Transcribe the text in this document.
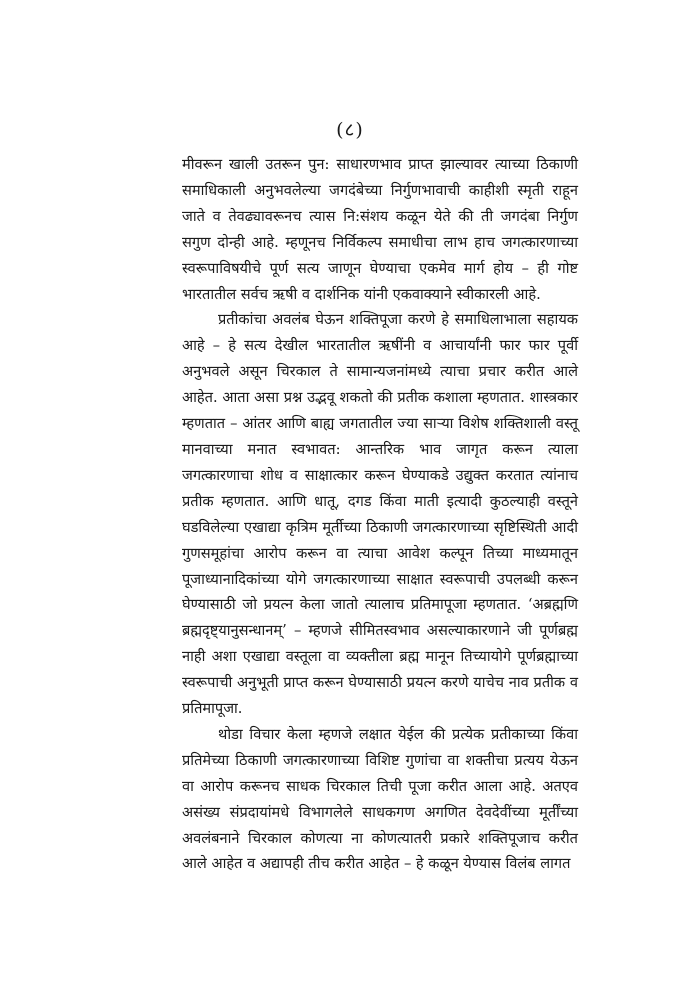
(८)

मीवरून खाली उतरून पुन: साधारणभाव प्राप्त झाल्यावर त्याच्या ठिकाणी समाधिकाली अनुभवलेल्या जगदंबेच्या निर्गुणभावाची काहीशी स्मृती राहून जाते व तेवढ्यावरूनच त्यास नि:संशय कळून येते की ती जगदंबा निर्गुण सगुण दोन्ही आहे. म्हणूनच निर्विकल्प समाधीचा लाभ हाच जगत्कारणाच्या स्वरूपाविषयीचे पूर्ण सत्य जाणून घेण्याचा एकमेव मार्ग होय – ही गोष्ट भारतातील सर्वच ऋषी व दार्शनिक यांनी एकवाक्याने स्वीकारली आहे.

प्रतीकांचा अवलंब घेऊन शक्तिपूजा करणे हे समाधिलाभाला सहायक आहे – हे सत्य देखील भारतातील ऋषींनी व आचार्यांनी फार फार पूर्वी अनुभवले असून चिरकाल ते सामान्यजनांमध्ये त्याचा प्रचार करीत आले आहेत. आता असा प्रश्न उद्भवू शकतो की प्रतीक कशाला म्हणतात. शास्त्रकार म्हणतात – आंतर आणि बाह्य जगतातील ज्या साऱ्या विशेष शक्तिशाली वस्तू मानवाच्या मनात स्वभावत: आन्तरिक भाव जागृत करून त्याला जगत्कारणाचा शोध व साक्षात्कार करून घेण्याकडे उद्युक्त करतात त्यांनाच प्रतीक म्हणतात. आणि धातू, दगड किंवा माती इत्यादी कुठल्याही वस्तूने घडविलेल्या एखाद्या कृत्रिम मूर्तीच्या ठिकाणी जगत्कारणाच्या सृष्टिस्थिती आदी गुणसमूहांचा आरोप करून वा त्याचा आवेश कल्पून तिच्या माध्यमातून पूजाध्यानादिकांच्या योगे जगत्कारणाच्या साक्षात स्वरूपाची उपलब्धी करून घेण्यासाठी जो प्रयत्न केला जातो त्यालाच प्रतिमापूजा म्हणतात. ‘अब्रह्मणि ब्रह्मदृष्ट्यानुसन्धानम्’ – म्हणजे सीमितस्वभाव असल्याकारणाने जी पूर्णब्रह्म नाही अशा एखाद्या वस्तूला वा व्यक्तीला ब्रह्म मानून तिच्यायोगे पूर्णब्रह्माच्या स्वरूपाची अनुभूती प्राप्त करून घेण्यासाठी प्रयत्न करणे याचेच नाव प्रतीक व प्रतिमापूजा.

थोडा विचार केला म्हणजे लक्षात येईल की प्रत्येक प्रतीकाच्या किंवा प्रतिमेच्या ठिकाणी जगत्कारणाच्या विशिष्ट गुणांचा वा शक्तीचा प्रत्यय येऊन वा आरोप करूनच साधक चिरकाल तिची पूजा करीत आला आहे. अतएव असंख्य संप्रदायांमधे विभागलेले साधकगण अगणित देवदेवींच्या मूर्तींच्या अवलंबनाने चिरकाल कोणत्या ना कोणत्यातरी प्रकारे शक्तिपूजाच करीत आले आहेत व अद्यापही तीच करीत आहेत – हे कळून येण्यास विलंब लागत
